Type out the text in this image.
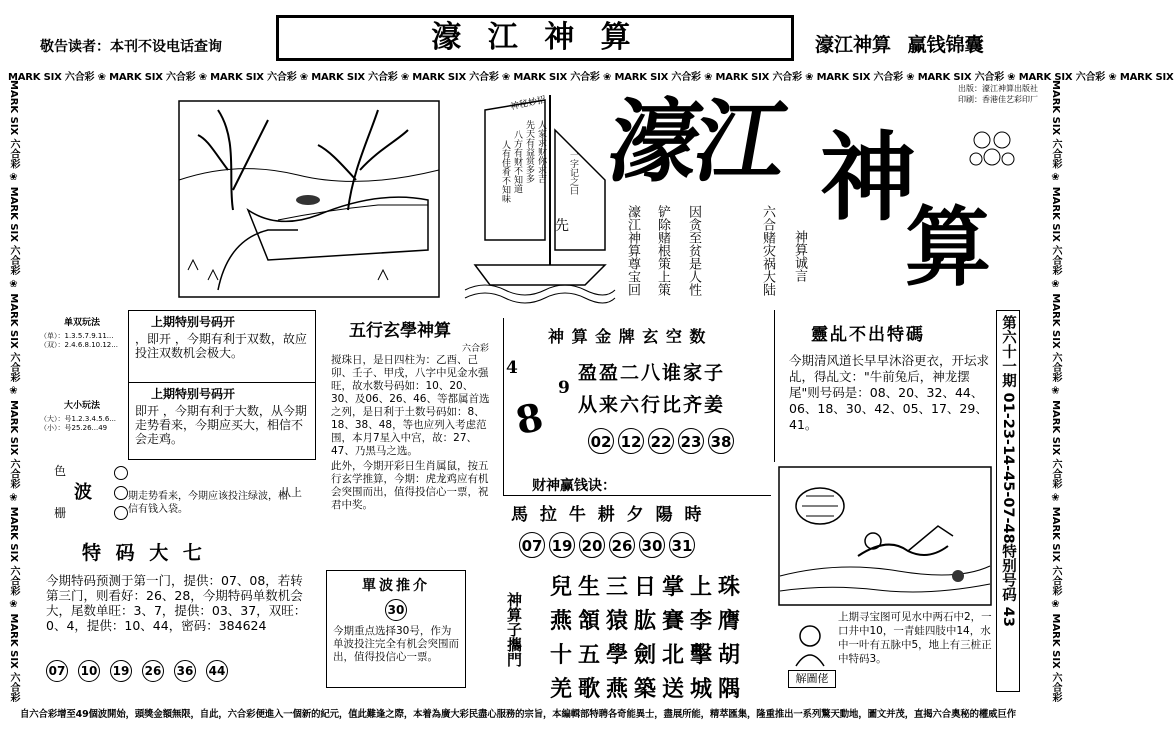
敬告读者：本刊不设电话查询	濠 江 神 算	濠江神算 赢钱锦囊
MARK SIX 六合彩 ❀ MARK SIX 六合彩 ❀ MARK SIX 六合彩 ❀ MARK SIX 六合彩 ❀ MARK SIX 六合彩 ❀ MARK SIX 六合彩 ❀ MARK SIX 六合彩 ❀ MARK SIX 六合彩 ❀ MARK SIX 六合彩 ❀ MARK SIX 六合彩 ❀ MARK SIX 六合彩 ❀ MARK SIX
MARK SIX 六合彩 ❀ MARK SIX 六合彩 ❀ MARK SIX 六合彩 ❀ MARK SIX 六合彩 ❀ MARK SIX 六合彩 ❀ MARK SIX 六合彩	MARK SIX 六合彩 ❀ MARK SIX 六合彩 ❀ MARK SIX 六合彩 ❀ MARK SIX 六合彩 ❀ MARK SIX 六合彩 ❀ MARK SIX 六合彩
出版：濠江神算出版社
印刷：香港佳艺彩印厂
神秘妙招
人家求财你求吉
先天有益赏多多
八方有财不知道
人有佳肴不知味	一字记之曰
先	濠江神算尊宝回 铲除赌根策上策 因贪至贫是人性	六合赌灾祸大陆 神算诚言
濠江 神
算
单双玩法
（单）：1.3.5.7.9.11...
（双）：2.4.6.8.10.12...
大小玩法
（大）：号1.2.3.4.5.6...
（小）：号25.26...49
上期特别号码开
，即开 ，今期有利于双数，故应投注双数机会极大。
上期特别号码开
即开 ，今期有利于大数，从今期走势看来，今期应买大，相信不会走鸡。
色
波
栅
期走势看来，今期应该投注绿波，相信有钱入袋。
从上
特 码 大 七
今期特码预测于第一门，提供：07、08，若转第三门，则看好：26、28，今期特码单数机会大，尾数单旺：3、7，提供：03、37，双旺：0、4，提供：10、44，密码：384624
07 10 19 26 36 44
五行玄學神算
六合彩
搅珠日，是日四柱为：乙酉、己卯、壬子、甲戌，八字中见金水强旺，故水数号码如：10、20、30、及06、26、46、等都属首选之列，是日利于土数号码如：8、18、38、48，等也应列入考虑范围，本月7星入中宫，故：27、47、乃黑马之选。
此外，今期开彩日生肖属鼠，按五行玄学推算，今期：虎龙鸡应有机会突围而出，值得投信心一票，祝君中奖。
單波推介
30
今期重点选择30号，作为单波投注完全有机会突围而出，值得投信心一票。
神 算 金 牌 玄 空 数
4
9
8
盈盈二八谁家子
从来六行比齐姜
02 12 22 23 38
财神赢钱诀：
馬 拉 牛 耕 夕 陽 時
07 19 20 26 30 31
神算子攜門
兒生三日掌上珠
燕頷猿肱賽李膺
十五學劍北擊胡
羌歌燕築送城隅
靈乩不出特碼
今期清风道长早早沐浴更衣，开坛求乩，得乩文："牛前兔后，神龙摆尾"则号码是：08、20、32、44、06、18、30、42、05、17、29、41。	第六十一期 01-23-14-45-07-48特别号码 43
上期寻宝图可见水中两石中2，一口井中10，一青蛙四肢中14，水中一叶有五脉中5，地上有三桩正中特码3。
解圖佬
自六合彩增至49個波開始，頭獎金額無限，自此，六合彩便進入一個新的紀元，值此難逢之際，本着為廣大彩民盡心服務的宗旨，本編輯部特聘各奇能異士，盡展所能，精萃匯集，隆重推出一系列驚天動地，圖文并茂，直揭六合奧秘的權威巨作
